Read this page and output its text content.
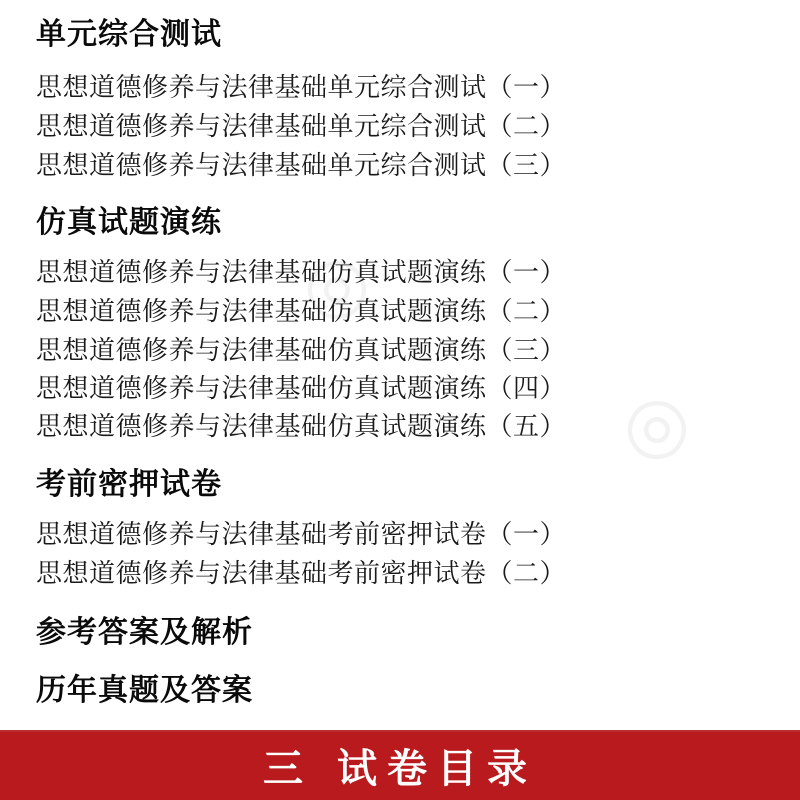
◎
◎
单元综合测试
思想道德修养与法律基础单元综合测试（一）
思想道德修养与法律基础单元综合测试（二）
思想道德修养与法律基础单元综合测试（三）
仿真试题演练
思想道德修养与法律基础仿真试题演练（一）
思想道德修养与法律基础仿真试题演练（二）
思想道德修养与法律基础仿真试题演练（三）
思想道德修养与法律基础仿真试题演练（四）
思想道德修养与法律基础仿真试题演练（五）
考前密押试卷
思想道德修养与法律基础考前密押试卷（一）
思想道德修养与法律基础考前密押试卷（二）
参考答案及解析
历年真题及答案
三 试卷目录
